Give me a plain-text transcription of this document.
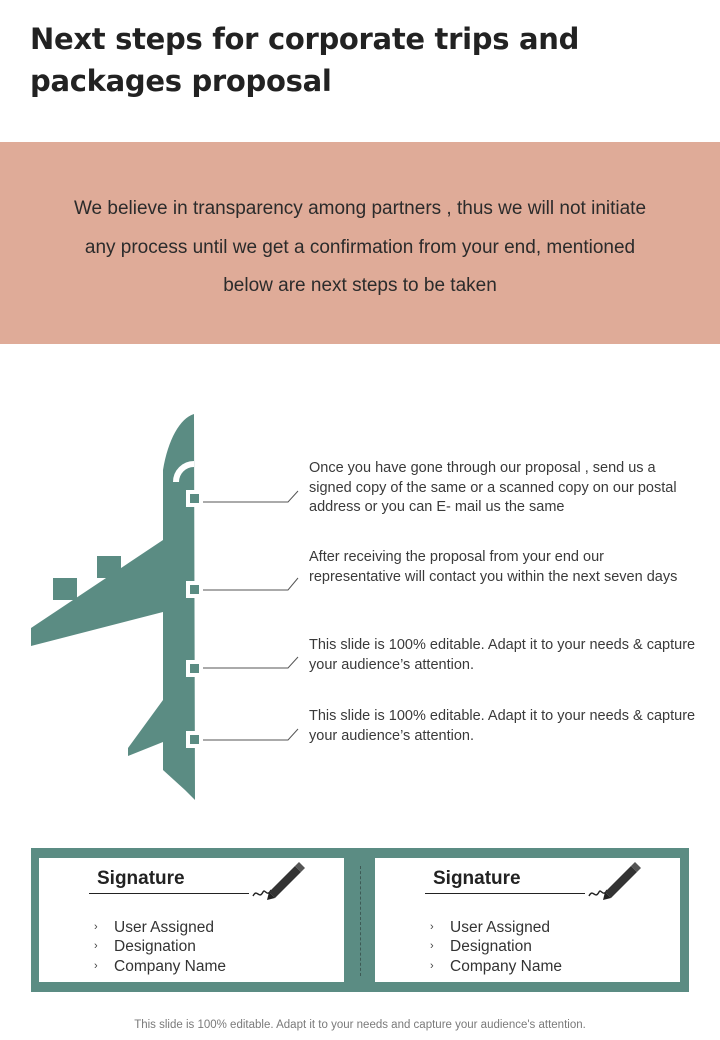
Next steps for corporate trips and packages proposal
We believe in transparency among partners , thus we will not initiate any process until we get a confirmation from your end, mentioned below are next steps to be taken
Once you have gone through our proposal , send us a signed copy of the same or a scanned copy on our postal address or you can E- mail us the same
After receiving the proposal from your end our representative will contact you within the next seven days
This slide is 100% editable. Adapt it to your needs & capture your audience’s attention.
This slide is 100% editable. Adapt it to your needs & capture your audience’s attention.
Signature
› User Assigned
› Designation
› Company Name
Signature
› User Assigned
› Designation
› Company Name
This slide is 100% editable. Adapt it to your needs and capture your audience's attention.
